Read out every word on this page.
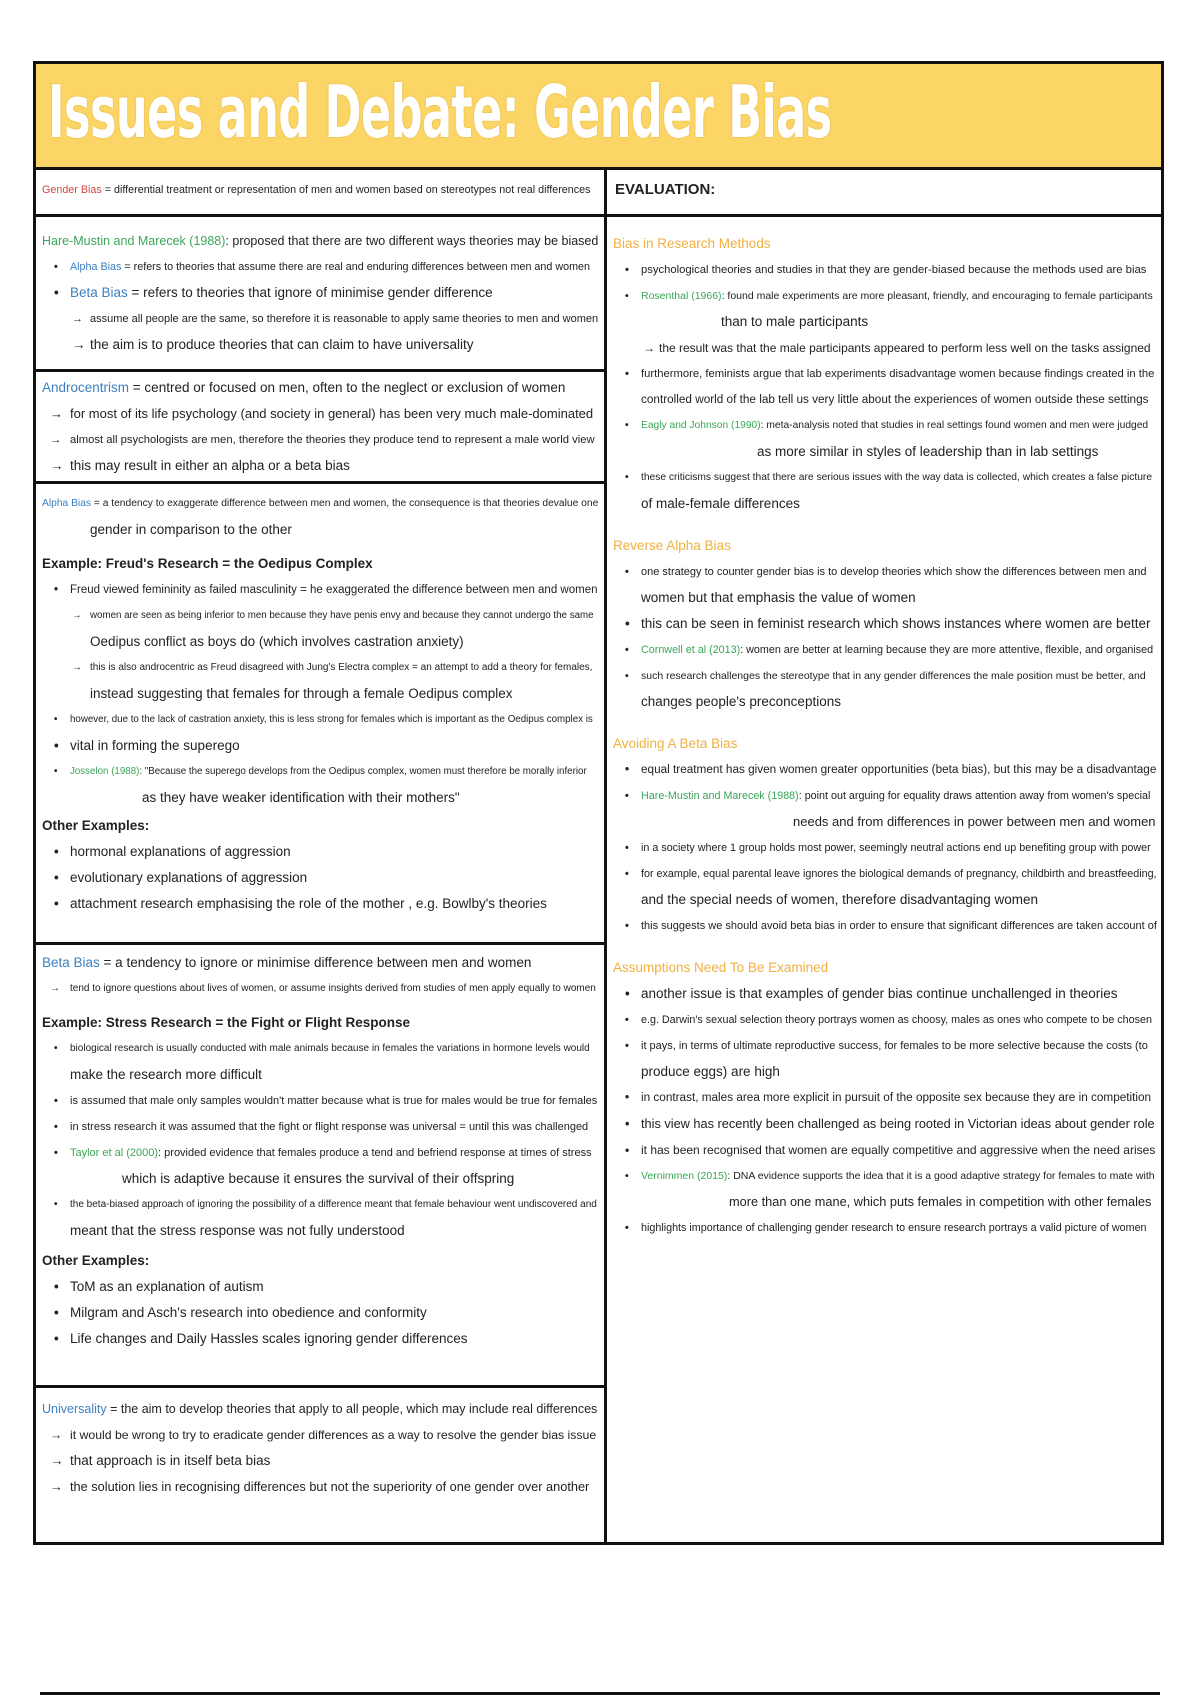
Issues and Debate: Gender Bias
Gender Bias = differential treatment or representation of men and women based on stereotypes not real differences
Hare-Mustin and Marecek (1988): proposed that there are two different ways theories may be biased
• Alpha Bias = refers to theories that assume there are real and enduring differences between men and women
• Beta Bias = refers to theories that ignore of minimise gender difference
→ assume all people are the same, so therefore it is reasonable to apply same theories to men and women
→ the aim is to produce theories that can claim to have universality
Androcentrism = centred or focused on men, often to the neglect or exclusion of women
→ for most of its life psychology (and society in general) has been very much male-dominated
→ almost all psychologists are men, therefore the theories they produce tend to represent a male world view
→ this may result in either an alpha or a beta bias
Alpha Bias = a tendency to exaggerate difference between men and women, the consequence is that theories devalue one
gender in comparison to the other
Example: Freud's Research = the Oedipus Complex
• Freud viewed femininity as failed masculinity = he exaggerated the difference between men and women
→ women are seen as being inferior to men because they have penis envy and because they cannot undergo the same
Oedipus conflict as boys do (which involves castration anxiety)
→ this is also androcentric as Freud disagreed with Jung's Electra complex = an attempt to add a theory for females,
instead suggesting that females for through a female Oedipus complex
• however, due to the lack of castration anxiety, this is less strong for females which is important as the Oedipus complex is
• vital in forming the superego
• Josselon (1988): "Because the superego develops from the Oedipus complex, women must therefore be morally inferior
as they have weaker identification with their mothers"
Other Examples:
• hormonal explanations of aggression
• evolutionary explanations of aggression
• attachment research emphasising the role of the mother , e.g. Bowlby's theories
Beta Bias = a tendency to ignore or minimise difference between men and women
→ tend to ignore questions about lives of women, or assume insights derived from studies of men apply equally to women
Example: Stress Research = the Fight or Flight Response
• biological research is usually conducted with male animals because in females the variations in hormone levels would
make the research more difficult
• is assumed that male only samples wouldn't matter because what is true for males would be true for females
• in stress research it was assumed that the fight or flight response was universal = until this was challenged
• Taylor et al (2000): provided evidence that females produce a tend and befriend response at times of stress
which is adaptive because it ensures the survival of their offspring
• the beta-biased approach of ignoring the possibility of a difference meant that female behaviour went undiscovered and
meant that the stress response was not fully understood
Other Examples:
• ToM as an explanation of autism
• Milgram and Asch's research into obedience and conformity
• Life changes and Daily Hassles scales ignoring gender differences
Universality = the aim to develop theories that apply to all people, which may include real differences
→ it would be wrong to try to eradicate gender differences as a way to resolve the gender bias issue
→ that approach is in itself beta bias
→ the solution lies in recognising differences but not the superiority of one gender over another
EVALUATION:
Bias in Research Methods
• psychological theories and studies in that they are gender-biased because the methods used are bias
• Rosenthal (1966): found male experiments are more pleasant, friendly, and encouraging to female participants
than to male participants
→ the result was that the male participants appeared to perform less well on the tasks assigned
• furthermore, feminists argue that lab experiments disadvantage women because findings created in the
controlled world of the lab tell us very little about the experiences of women outside these settings
• Eagly and Johnson (1990): meta-analysis noted that studies in real settings found women and men were judged
as more similar in styles of leadership than in lab settings
• these criticisms suggest that there are serious issues with the way data is collected, which creates a false picture
of male-female differences
Reverse Alpha Bias
• one strategy to counter gender bias is to develop theories which show the differences between men and
women but that emphasis the value of women
• this can be seen in feminist research which shows instances where women are better
• Cornwell et al (2013): women are better at learning because they are more attentive, flexible, and organised
• such research challenges the stereotype that in any gender differences the male position must be better, and
changes people's preconceptions
Avoiding A Beta Bias
• equal treatment has given women greater opportunities (beta bias), but this may be a disadvantage
• Hare-Mustin and Marecek (1988): point out arguing for equality draws attention away from women's special
needs and from differences in power between men and women
• in a society where 1 group holds most power, seemingly neutral actions end up benefiting group with power
• for example, equal parental leave ignores the biological demands of pregnancy, childbirth and breastfeeding,
and the special needs of women, therefore disadvantaging women
• this suggests we should avoid beta bias in order to ensure that significant differences are taken account of
Assumptions Need To Be Examined
• another issue is that examples of gender bias continue unchallenged in theories
• e.g. Darwin's sexual selection theory portrays women as choosy, males as ones who compete to be chosen
• it pays, in terms of ultimate reproductive success, for females to be more selective because the costs (to
produce eggs) are high
• in contrast, males area more explicit in pursuit of the opposite sex because they are in competition
• this view has recently been challenged as being rooted in Victorian ideas about gender role
• it has been recognised that women are equally competitive and aggressive when the need arises
• Vernimmen (2015): DNA evidence supports the idea that it is a good adaptive strategy for females to mate with
more than one mane, which puts females in competition with other females
• highlights importance of challenging gender research to ensure research portrays a valid picture of women
